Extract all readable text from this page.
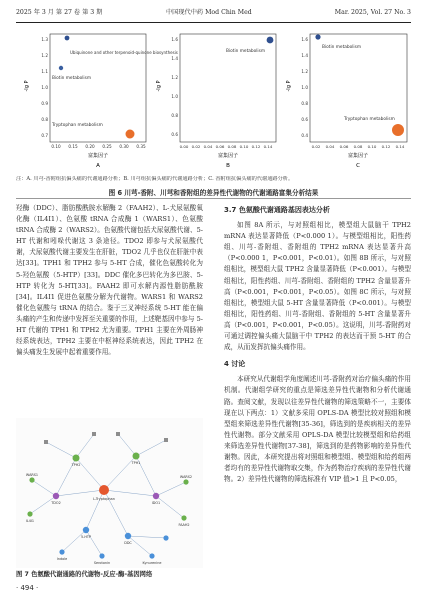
2025 年 3 月 第 27 卷 第 3 期	中国现代中药 Mod Chin Med	Mar. 2025, Vol. 27 No. 3
-lg P
1.3
1.2
1.1
1.0
0.9
0.8
0.7
0.10 0.15 0.20 0.25 0.30 0.35
Ubiquinone and other terpenoid-quinone biosynthesis
Biotin metabolism
Tryptophan metabolism
富集因子
A
-lg P
1.6
1.4
1.2
1.0
0.8
0.6
0.00 0.02 0.04 0.06 0.08 0.10 0.12 0.14
Biotin metabolism
富集因子
B
-lg P
1.6
1.4
1.2
1.0
0.8
0.6
0.4
0.02 0.04 0.06 0.08 0.10 0.12 0.14
Biotin metabolism
Tryptophan metabolism
富集因子
C
注：A. 川芎-香附组抗偏头痛的代谢通路分析；B. 川芎组抗偏头痛的代谢通路分析；C. 香附组抗偏头痛的代谢通路分析。
图 6 川芎-香附、川芎和香附组的差异性代谢物的代谢通路富集分析结果

羟酶（DDC）、脂肪酸酰胺水解酶 2（FAAH2）、L-犬尿氨酸氧化酶（IL4I1）、色氨酸 tRNA 合成酶 1（WARS1）、色氨酸 tRNA 合成酶 2（WARS2）。色氨酸代谢包括犬尿氨酸代谢、5-HT 代谢和吲哚代谢这 3 条途径。TDO2 即参与犬尿氨酸代谢，犬尿氨酸代谢主要发生在肝脏，TDO2 几乎也仅在肝脏中表达[33]。TPH1 和 TPH2 参与 5-HT 合成，催化色氨酸转化为 5-羟色氨酸（5-HTP）[33]。DDC 催化多巴转化为多巴胺、5-HTP 转化为 5-HT[33]。FAAH2 即可水解内源性脂肪酰胺[34]。IL4I1 促进色氨酸分解为代谢物。WARS1 和 WARS2 催化色氨酸与 tRNA 的结合。鉴于三叉神经系统 5-HT 能在偏头痛的产生和传递中发挥至关重要的作用，上述靶基因中参与 5-HT 代谢的 TPH1 和 TPH2 尤为重要。TPH1 主要在外周肠神经系统表达，TPH2 主要在中枢神经系统表达，因此 TPH2 在偏头痛发生发展中起着重要作用。

3.7 色氨酸代谢通路基因表达分析

如图 8A 所示，与对照组相比，模型组大鼠脑干 TPH2 mRNA 表达显著降低（P<0.000 1）。与模型组相比，阳性药组、川芎-香附组、香附组的 TPH2 mRNA 表达显著升高（P<0.000 1，P<0.001，P<0.01）。如图 8B 所示，与对照组相比，模型组大鼠 TPH2 含量显著降低（P<0.001）。与模型组相比，阳性药组、川芎-香附组、香附组的 TPH2 含量显著升高（P<0.001，P<0.001，P<0.05）。如图 8C 所示，与对照组相比，模型组大鼠 5-HT 含量显著降低（P<0.001）。与模型组相比，阳性药组、川芎-香附组、香附组的 5-HT 含量显著升高（P<0.001，P<0.001，P<0.05）。这说明，川芎-香附药对可通过调控偏头痛大鼠脑干中 TPH2 的表达而干预 5-HT 的合成，从而发挥抗偏头痛作用。

4 讨论

本研究从代谢组学角度阐述川芎-香附药对治疗偏头痛的作用机制。代谢组学研究的重点是筛选差异性代谢物和分析代谢通路。查阅文献，发现以往差异性代谢物的筛选策略不一，主要体现在以下两点：1）文献多采用 OPLS-DA 模型比较对照组和模型组来筛选差异性代谢物[35-36]，筛选到的是疾病相关的差异性代谢物。部分文献采用 OPLS-DA 模型比较模型组和给药组来筛选差异性代谢物[37-38]，筛选到的是药物影响的差异性代谢物。因此，本研究提出将对照组和模型组、模型组和给药组两者均有的差异性代谢物取交集，作为药物治疗疾病的差异性代谢物。2）差异性代谢物的筛选标准有 VIP 值>1 且 P<0.05，

L-Tryptophan
5-HTP
TPH2	TPH1
DDC
TDO2	IDO1
WARS1	WARS2
IL4I1
FAAH2
Serotonin	Kynurenine
Indole
图 7 色氨酸代谢通路的代谢物-反应-酶-基因网络
· 494 ·
